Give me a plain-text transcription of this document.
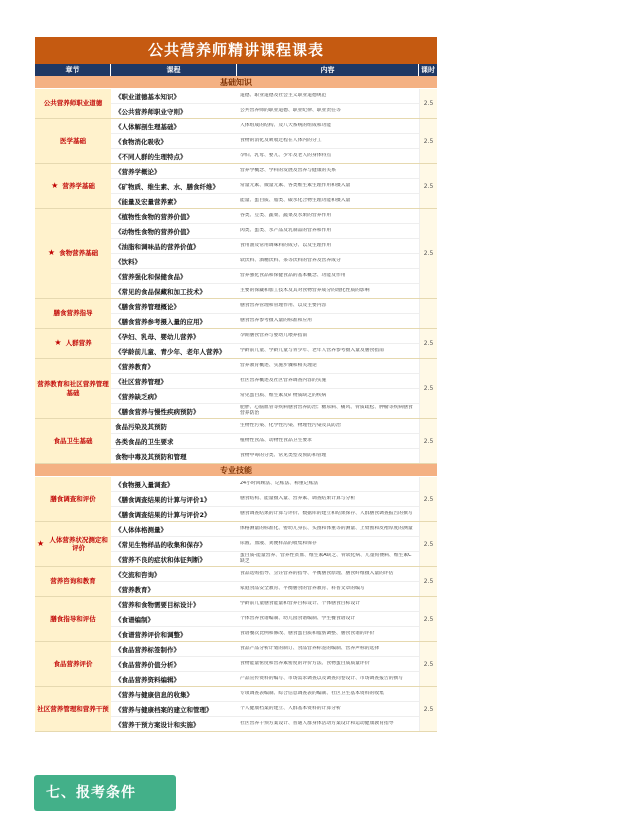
公共营养师精讲课程课表
章节	课程	内容	课时
基础知识
公共营养师职业道德
《职业道德基本知识》	道德、职业道德及社会主义职业道德规范
《公共营养师职业守则》	公共营养师的职业道德、职业纪律、职业责任等
2.5
医学基础
《人体解剖生理基础》	人体组成的结构、及八大系统的组成和功能
《食物消化吸收》	食物的消化及吸收过程在人体内的分工
《不同人群的生理特点》	孕妇、乳母、婴儿、少年及老人的身体特点
2.5
★ 营养学基础
《营养学概论》	营养学概念、学科的发展及营养与健康的关系
《矿物质、维生素、水、膳食纤维》	常量元素、微量元素、各类维生素生理作用和摄入量
《能量及宏量营养素》	能量、蛋白质、脂类、碳水化合物生理功能和摄入量
2.5
★ 食物营养基础
《植物性食物的营养价值》	谷类、豆类、蔬菜、蔬菜及水果的营养作用
《动物性食物的营养价值》	肉类、蛋类、水产品及乳制品的营养和作用
《油脂和调味品的营养价值》	食用油及常用调味料的成分、以及生理作用
《饮料》	软饮料、酒精饮料、茶等饮料的营养及营养成分
《营养强化和保健食品》	营养强化食品和保健食品的基本概念、功能及作用
《常见的食品保藏和加工技术》	主要的保藏和加工技术及其对食物营养成分的理化性质的影响
2.5
膳食营养指导
《膳食营养管理概论》	膳食营养管理和管理作用、以及主要内容
《膳食营养参考摄入量的应用》	膳食营养参考摄入量的标准和应用
★ 人群营养
《孕妇、乳母、婴幼儿营养》	孕期膳食营养与婴幼儿喂养指南
《学龄前儿童、青少年、老年人营养》	学龄前儿童、学龄儿童与青少年、老年人营养参考摄入量及膳食指南
2.5
营养教育和社区营养管理基础
《营养教育》	营养教育概述、实施步骤和相关理论
《社区营养管理》	社区营养概述及社区营养调查内容的实施
《营养缺乏病》	常见蛋白质、维生素及矿物质缺乏的疾病
《膳食营养与慢性疾病预防》	肥胖、心脑血管等疾病膳食营养防治；糖尿病、痛风、骨质疏松、肿瘤等疾病膳食营养防治
2.5
食品卫生基础
食品污染及其预防	生物性污染、化学性污染、物理性污染及其防治
各类食品的卫生要求	植物性食品、动物性食品卫生要求
食物中毒及其预防和管理	食物中毒的分类、常见类型及预防和管理
2.5
专业技能
膳食调查和评价
《食物摄入量调查》	24小时回顾法、记账法、称重记账法
《膳食调查结果的计算与评价1》	膳食结构、能量摄入量、营养素、调查结果计算与分析
《膳食调查结果的计算与评价2》	膳食调查结果的计算与评价、数据库的建立和结果保存、人群膳食调查报告的撰写
2.5
★ 人体营养状况测定和评价
《人体体格测量》	体格测量的标准化、婴幼儿身长、头围和体重等的测量、上臂围和皮褶厚度的测量
《常见生物样品的收集和保存》	尿液、血液、粪便样品的收集和保存
《营养不良的症状和体征判断》	蛋白质-能量营养、营养性贫血、维生素A缺乏、骨软化病、儿童佝偻病、维生素C缺乏
2.5
营养咨询和教育
《交流和咨询》	食品选购指导、烹饪营养的指导、平衡膳食原理、膳食纤维摄入量的评估
《营养教育》	家庭食品安全教育、平衡膳食的营养教育、科普文章的编写
2.5
膳食指导和评估
《营养和食物需要目标设计》	学龄前儿童膳食能量和营养目标设计、个体膳食目标设计
《食谱编制》	个体营养食谱编制、幼儿园食谱编制、学生餐食谱设计
《食谱营养评价和调整》	食谱餐次比例和修改、膳食蛋白质和脂肪调整、膳食食谱的评价
2.5
食品营养评价
《食品营养标签制作》	食品产品分析计划的制订、食品营养标签的编制、营养声称的选择
《食品营养价值分析》	食物能量密度和营养素密度的评价方法、食物蛋白质质量评价
《食品营养资料编辑》	产品宣传资料的编写、市场需求调查以及调查问卷设计、市场调查报告的撰写
2.5
社区营养管理和营养干预
《营养与健康信息的收集》	专项调查表编制、综合信息调查表的编制、社区卫生基本资料的收集
《营养与健康档案的建立和管理》	个人健康档案的建立、人群基本资料的计算分析
《营养干预方案设计和实施》	社区营养干预方案设计、普通人群身体活动方案设计和运动健康教育指导
2.5
七、报考条件
